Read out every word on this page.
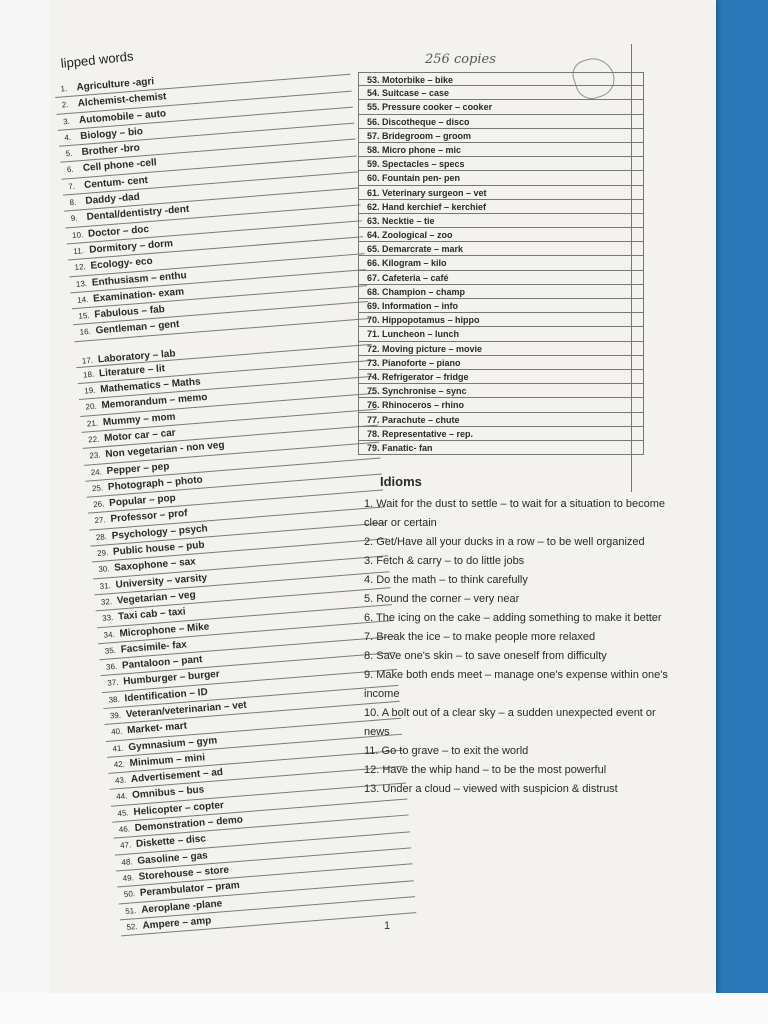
lipped words	256 copies
1. Agriculture -agri
2. Alchemist-chemist
3. Automobile – auto
4. Biology – bio
5. Brother -bro
6. Cell phone -cell
7. Centum- cent
8. Daddy -dad
9. Dental/dentistry -dent
10. Doctor – doc
11. Dormitory – dorm
12. Ecology- eco
13. Enthusiasm – enthu
14. Examination- exam
15. Fabulous – fab
16. Gentleman – gent
17. Laboratory – lab
18. Literature – lit
19. Mathematics – Maths
20. Memorandum – memo
21. Mummy – mom
22. Motor car – car
23. Non vegetarian - non veg
24. Pepper – pep
25. Photograph – photo
26. Popular – pop
27. Professor – prof
28. Psychology – psych
29. Public house – pub
30. Saxophone – sax
31. University – varsity
32. Vegetarian – veg
33. Taxi cab – taxi
34. Microphone – Mike
35. Facsimile- fax
36. Pantaloon – pant
37. Humburger – burger
38. Identification – ID
39. Veteran/veterinarian – vet
40. Market- mart
41. Gymnasium – gym
42. Minimum – mini
43. Advertisement – ad
44. Omnibus – bus
45. Helicopter – copter
46. Demonstration – demo
47. Diskette – disc
48. Gasoline – gas
49. Storehouse – store
50. Perambulator – pram
51. Aeroplane -plane
52. Ampere – amp
53. Motorbike – bike
54. Suitcase – case
55. Pressure cooker – cooker
56. Discotheque – disco
57. Bridegroom – groom
58. Micro phone – mic
59. Spectacles – specs
60. Fountain pen- pen
61. Veterinary surgeon – vet
62. Hand kerchief – kerchief
63. Necktie – tie
64. Zoological – zoo
65. Demarcrate – mark
66. Kilogram – kilo
67. Cafeteria – café
68. Champion – champ
69. Information – info
70. Hippopotamus – hippo
71. Luncheon – lunch
72. Moving picture – movie
73. Pianoforte – piano
74. Refrigerator – fridge
75. Synchronise – sync
76. Rhinoceros – rhino
77. Parachute – chute
78. Representative – rep.
79. Fanatic- fan
Idioms
1. Wait for the dust to settle – to wait for a situation to become clear or certain
2. Get/Have all your ducks in a row – to be well organized
3. Fetch & carry – to do little jobs
4. Do the math – to think carefully
5. Round the corner – very near
6. The icing on the cake – adding something to make it better
7. Break the ice – to make people more relaxed
8. Save one's skin – to save oneself from difficulty
9. Make both ends meet – manage one's expense within one's income
10. A bolt out of a clear sky – a sudden unexpected event or news
11. Go to grave – to exit the world
12. Have the whip hand – to be the most powerful
13. Under a cloud – viewed with suspicion & distrust
1
